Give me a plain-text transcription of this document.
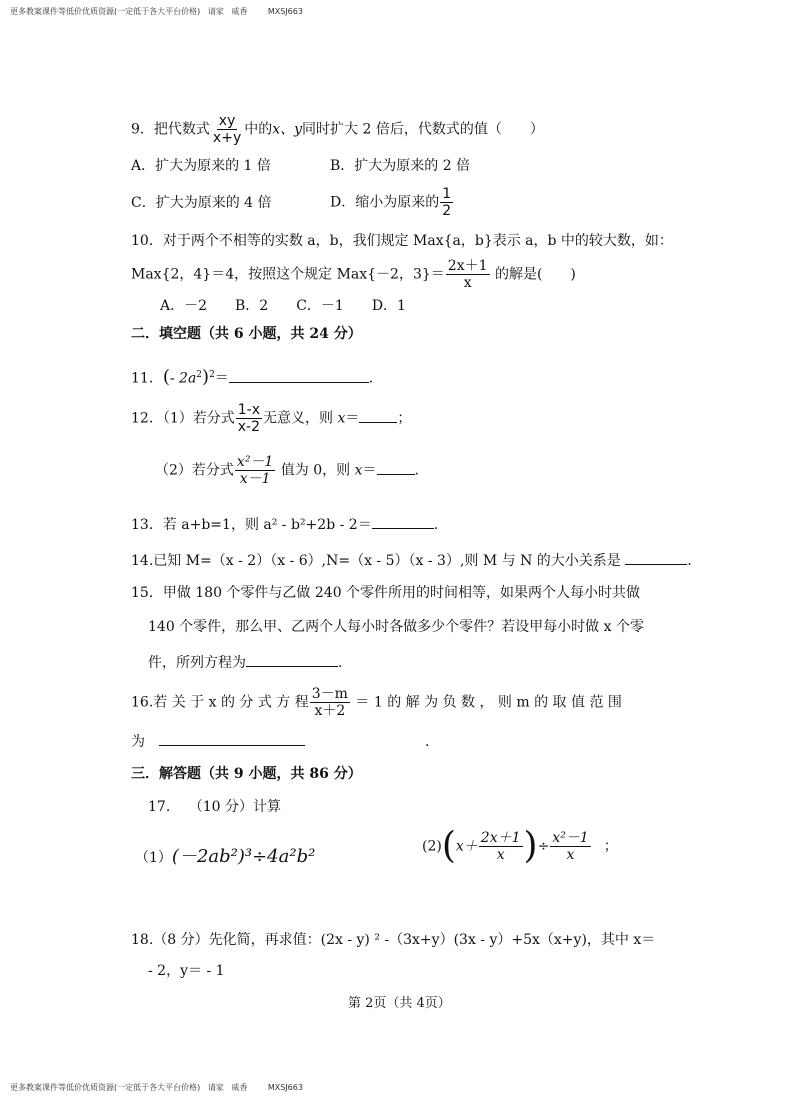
更多教案课件等低价优质资源(一定低于各大平台价格)   请家   威香        MXSJ663
9．把代数式 $\frac{xy}{x+y}$ 中的x、y同时扩大 2 倍后，代数式的值（　　）
A．扩大为原来的 1 倍	B．扩大为原来的 2 倍
C．扩大为原来的 4 倍	D．缩小为原来的 $\frac{1}{2}$
10．对于两个不相等的实数 a，b，我们规定 Max{a，b}表示 a，b 中的较大数，如：
Max{2，4}＝4，按照这个规定 Max{－2，$3\}= \frac{2x+1}{x}$ 的解是(　　)
A．－2　　B．2　　C．－1　　D．1
二．填空题（共 6 小题，共 24 分）
11．(- $2a^2)^2=$	.
12．（1）若分式 $\frac{1-x}{x-2}$ 无意义，则 x＝	；
（2）若分式 $\frac{\text{x²－1}}{x-1}$ 值为 0，则 x＝	.
13．若 a+b=1，则 a² - b²+2b - 2＝	.
14.已知 M=（x - 2）（x - 6）,N=（x - 5）（x - 3）,则 M 与 N 的大小关系是	.
15．甲做 180 个零件与乙做 240 个零件所用的时间相等，如果两个人每小时共做
140 个零件，那么甲、乙两个人每小时各做多少个零件？若设甲每小时做 x 个零
件，所列方程为	.
16.若 关 于 x 的 分 式 方 程 $\frac{3-m}{x+2} = 1$ 的 解 为 负 数 ， 则 m 的 取 值 范 围
为	.
三．解答题（共 9 小题，共 86 分）
17.　 （10 分）计算
（1）(－2ab²)³÷4a²b²	$(2)(x+ \frac{2x+1}{x}$ )÷ $\frac{\text{x²－1}}{x}$ ；
18.（8 分）先化简，再求值：(2x - y) ² -（3x+y）(3x - y）+5x（x+y)，其中 x＝
- 2，y＝ - 1
第 2页（共 4页）
更多教案课件等低价优质资源(一定低于各大平台价格)   请家   威香        MXSJ663
